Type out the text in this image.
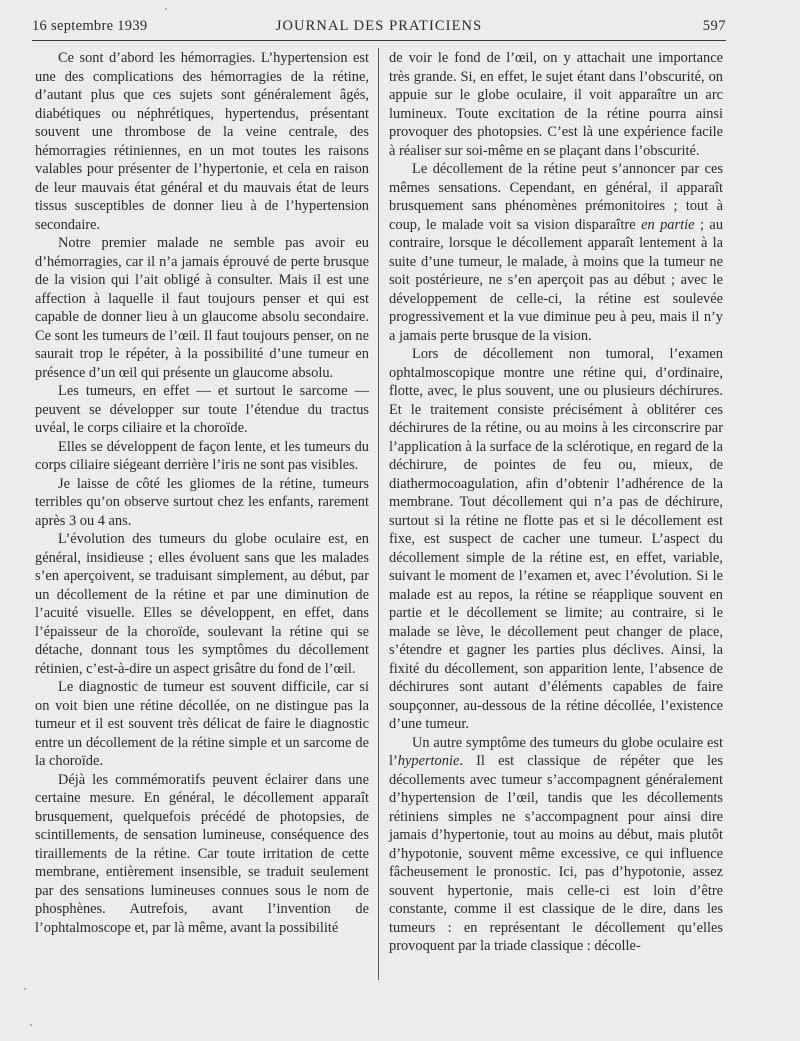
16 septembre 1939	JOURNAL DES PRATICIENS	597

Ce sont d’abord les hémorragies. L’hypertension est une des complications des hémorragies de la rétine, d’autant plus que ces sujets sont généralement âgés, diabétiques ou néphrétiques, hypertendus, présentant souvent une thrombose de la veine centrale, des hémorragies rétiniennes, en un mot toutes les raisons valables pour présenter de l’hypertonie, et cela en raison de leur mauvais état général et du mauvais état de leurs tissus susceptibles de donner lieu à de l’hypertension secondaire.

Notre premier malade ne semble pas avoir eu d’hémorragies, car il n’a jamais éprouvé de perte brusque de la vision qui l’ait obligé à consulter. Mais il est une affection à laquelle il faut toujours penser et qui est capable de donner lieu à un glaucome absolu secondaire. Ce sont les tumeurs de l’œil. Il faut toujours penser, on ne saurait trop le répéter, à la possibilité d’une tumeur en présence d’un œil qui présente un glaucome absolu.

Les tumeurs, en effet — et surtout le sarcome — peuvent se développer sur toute l’étendue du tractus uvéal, le corps ciliaire et la choroïde.

Elles se développent de façon lente, et les tumeurs du corps ciliaire siégeant derrière l’iris ne sont pas visibles.

Je laisse de côté les gliomes de la rétine, tumeurs terribles qu’on observe surtout chez les enfants, rarement après 3 ou 4 ans.

L’évolution des tumeurs du globe oculaire est, en général, insidieuse ; elles évoluent sans que les malades s’en aperçoivent, se traduisant simplement, au début, par un décollement de la rétine et par une diminution de l’acuité visuelle. Elles se développent, en effet, dans l’épaisseur de la choroïde, soulevant la rétine qui se détache, donnant tous les symptômes du décollement rétinien, c’est-à-dire un aspect grisâtre du fond de l’œil.

Le diagnostic de tumeur est souvent difficile, car si on voit bien une rétine décollée, on ne distingue pas la tumeur et il est souvent très délicat de faire le diagnostic entre un décollement de la rétine simple et un sarcome de la choroïde.

Déjà les commémoratifs peuvent éclairer dans une certaine mesure. En général, le décollement apparaît brusquement, quelquefois précédé de photopsies, de scintillements, de sensation lumineuse, conséquence des tiraillements de la rétine. Car toute irritation de cette membrane, entièrement insensible, se traduit seulement par des sensations lumineuses connues sous le nom de phosphènes. Autrefois, avant l’invention de l’ophtalmoscope et, par là même, avant la possibilité

de voir le fond de l’œil, on y attachait une importance très grande. Si, en effet, le sujet étant dans l’obscurité, on appuie sur le globe oculaire, il voit apparaître un arc lumineux. Toute excitation de la rétine pourra ainsi provoquer des photopsies. C’est là une expérience facile à réaliser sur soi-même en se plaçant dans l’obscurité.

Le décollement de la rétine peut s’annoncer par ces mêmes sensations. Cependant, en général, il apparaît brusquement sans phénomènes prémonitoires ; tout à coup, le malade voit sa vision disparaître en partie ; au contraire, lorsque le décollement apparaît lentement à la suite d’une tumeur, le malade, à moins que la tumeur ne soit postérieure, ne s’en aperçoit pas au début ; avec le développement de celle-ci, la rétine est soulevée progressivement et la vue diminue peu à peu, mais il n’y a jamais perte brusque de la vision.

Lors de décollement non tumoral, l’examen ophtalmoscopique montre une rétine qui, d’ordinaire, flotte, avec, le plus souvent, une ou plusieurs déchirures. Et le traitement consiste précisément à oblitérer ces déchirures de la rétine, ou au moins à les circonscrire par l’application à la surface de la sclérotique, en regard de la déchirure, de pointes de feu ou, mieux, de diathermocoagulation, afin d’obtenir l’adhérence de la membrane. Tout décollement qui n’a pas de déchirure, surtout si la rétine ne flotte pas et si le décollement est fixe, est suspect de cacher une tumeur. L’aspect du décollement simple de la rétine est, en effet, variable, suivant le moment de l’examen et, avec l’évolution. Si le malade est au repos, la rétine se réapplique souvent en partie et le décollement se limite; au contraire, si le malade se lève, le décollement peut changer de place, s’étendre et gagner les parties plus déclives. Ainsi, la fixité du décollement, son apparition lente, l’absence de déchirures sont autant d’éléments capables de faire soupçonner, au-dessous de la rétine décollée, l’existence d’une tumeur.

Un autre symptôme des tumeurs du globe oculaire est l’hypertonie. Il est classique de répéter que les décollements avec tumeur s’accompagnent généralement d’hypertension de l’œil, tandis que les décollements rétiniens simples ne s’accompagnent pour ainsi dire jamais d’hypertonie, tout au moins au début, mais plutôt d’hypotonie, souvent même excessive, ce qui influence fâcheusement le pronostic. Ici, pas d’hypotonie, assez souvent hypertonie, mais celle-ci est loin d’être constante, comme il est classique de le dire, dans les tumeurs : en représentant le décollement qu’elles provoquent par la triade classique : décolle-
